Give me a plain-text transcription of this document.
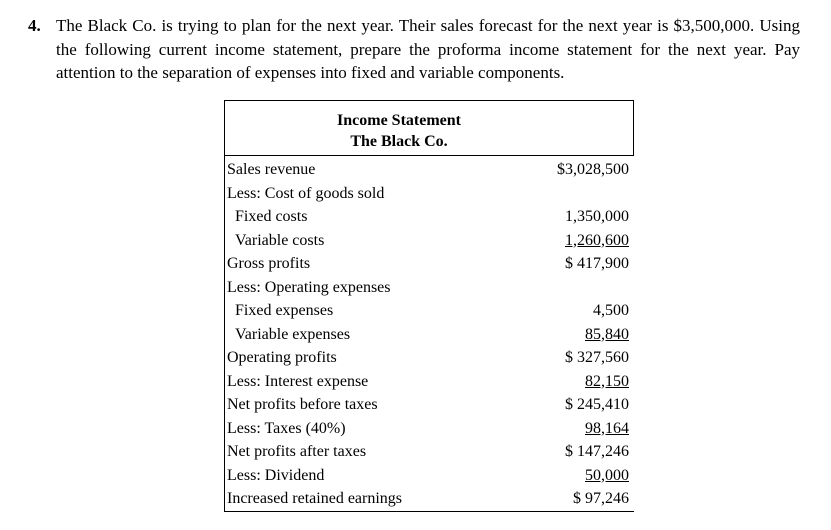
4. The Black Co. is trying to plan for the next year. Their sales forecast for the next year is $3,500,000. Using the following current income statement, prepare the proforma income statement for the next year. Pay attention to the separation of expenses into fixed and variable components.
Income Statement
The Black Co.
Sales revenue	$3,028,500
Less: Cost of goods sold
Fixed costs	1,350,000
Variable costs	1,260,600
Gross profits	$ 417,900
Less: Operating expenses
Fixed expenses	4,500
Variable expenses	85,840
Operating profits	$ 327,560
Less: Interest expense	82,150
Net profits before taxes	$ 245,410
Less: Taxes (40%)	98,164
Net profits after taxes	$ 147,246
Less: Dividend	50,000
Increased retained earnings	$ 97,246
